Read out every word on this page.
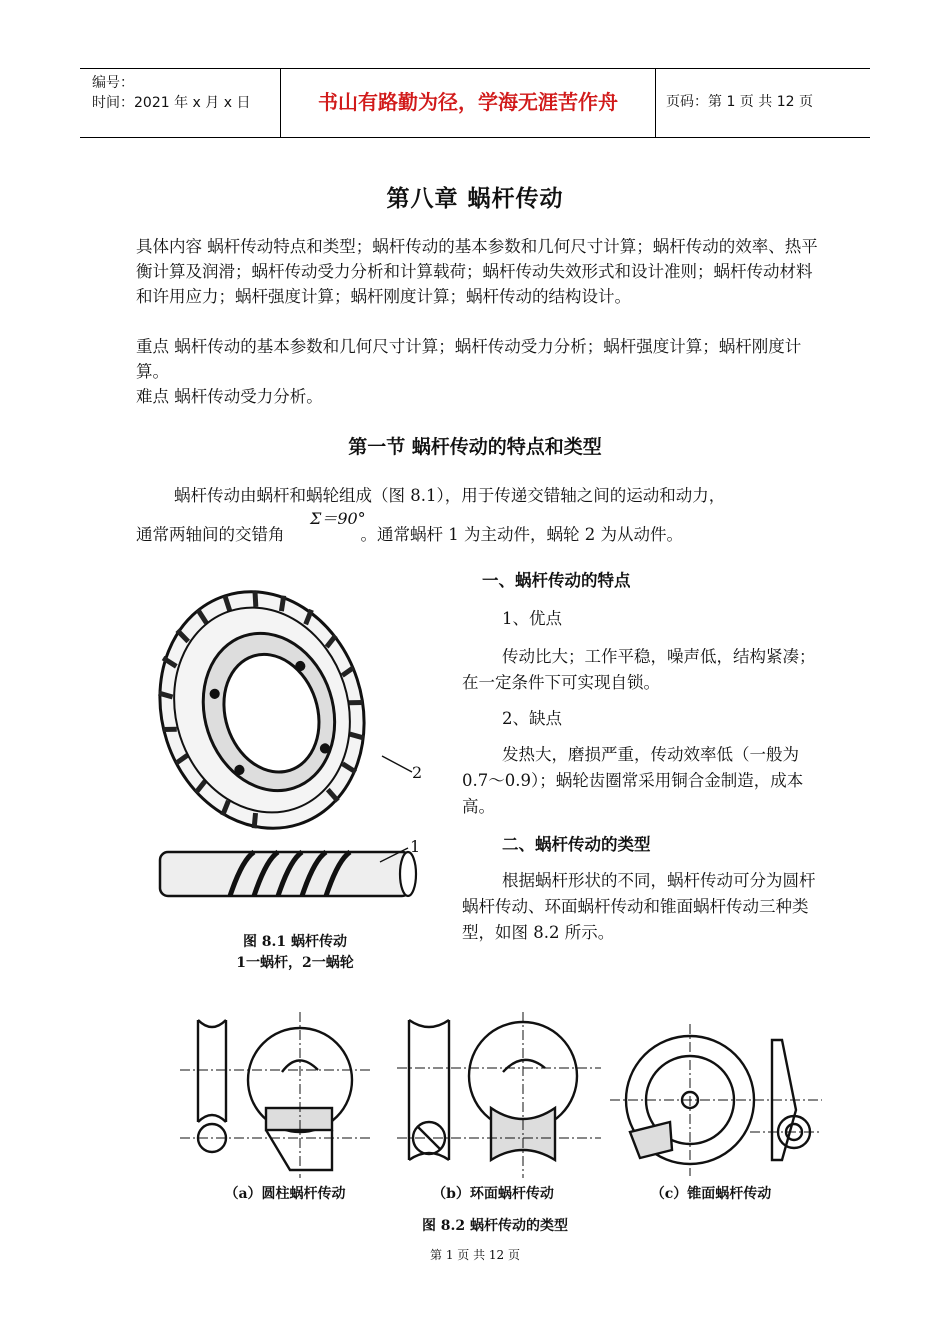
编号：
时间：2021 年 x 月 x 日	书山有路勤为径，学海无涯苦作舟	页码：第 1 页 共 12 页
第八章 蜗杆传动
具体内容 蜗杆传动特点和类型；蜗杆传动的基本参数和几何尺寸计算；蜗杆传动的效率、热平衡计算及润滑；蜗杆传动受力分析和计算载荷；蜗杆传动失效形式和设计准则；蜗杆传动材料和许用应力；蜗杆强度计算；蜗杆刚度计算；蜗杆传动的结构设计。
重点 蜗杆传动的基本参数和几何尺寸计算；蜗杆传动受力分析；蜗杆强度计算；蜗杆刚度计算。
难点 蜗杆传动受力分析。
第一节 蜗杆传动的特点和类型
蜗杆传动由蜗杆和蜗轮组成（图 8.1），用于传递交错轴之间的运动和动力，
Σ＝90°
通常两轴间的交错角	。通常蜗杆 1 为主动件，蜗轮 2 为从动件。
一、蜗杆传动的特点
1、优点
传动比大；工作平稳，噪声低，结构紧凑；在一定条件下可实现自锁。
2、缺点
发热大，磨损严重，传动效率低（一般为 0.7～0.9）；蜗轮齿圈常采用铜合金制造，成本高。
二、蜗杆传动的类型
根据蜗杆形状的不同，蜗杆传动可分为圆杆蜗杆传动、环面蜗杆传动和锥面蜗杆传动三种类型，如图 8.2 所示。
2
1
图 8.1 蜗杆传动
1一蜗杆，2一蜗轮
（a）圆柱蜗杆传动	（b）环面蜗杆传动	（c）锥面蜗杆传动
图 8.2 蜗杆传动的类型
第 1 页 共 12 页
